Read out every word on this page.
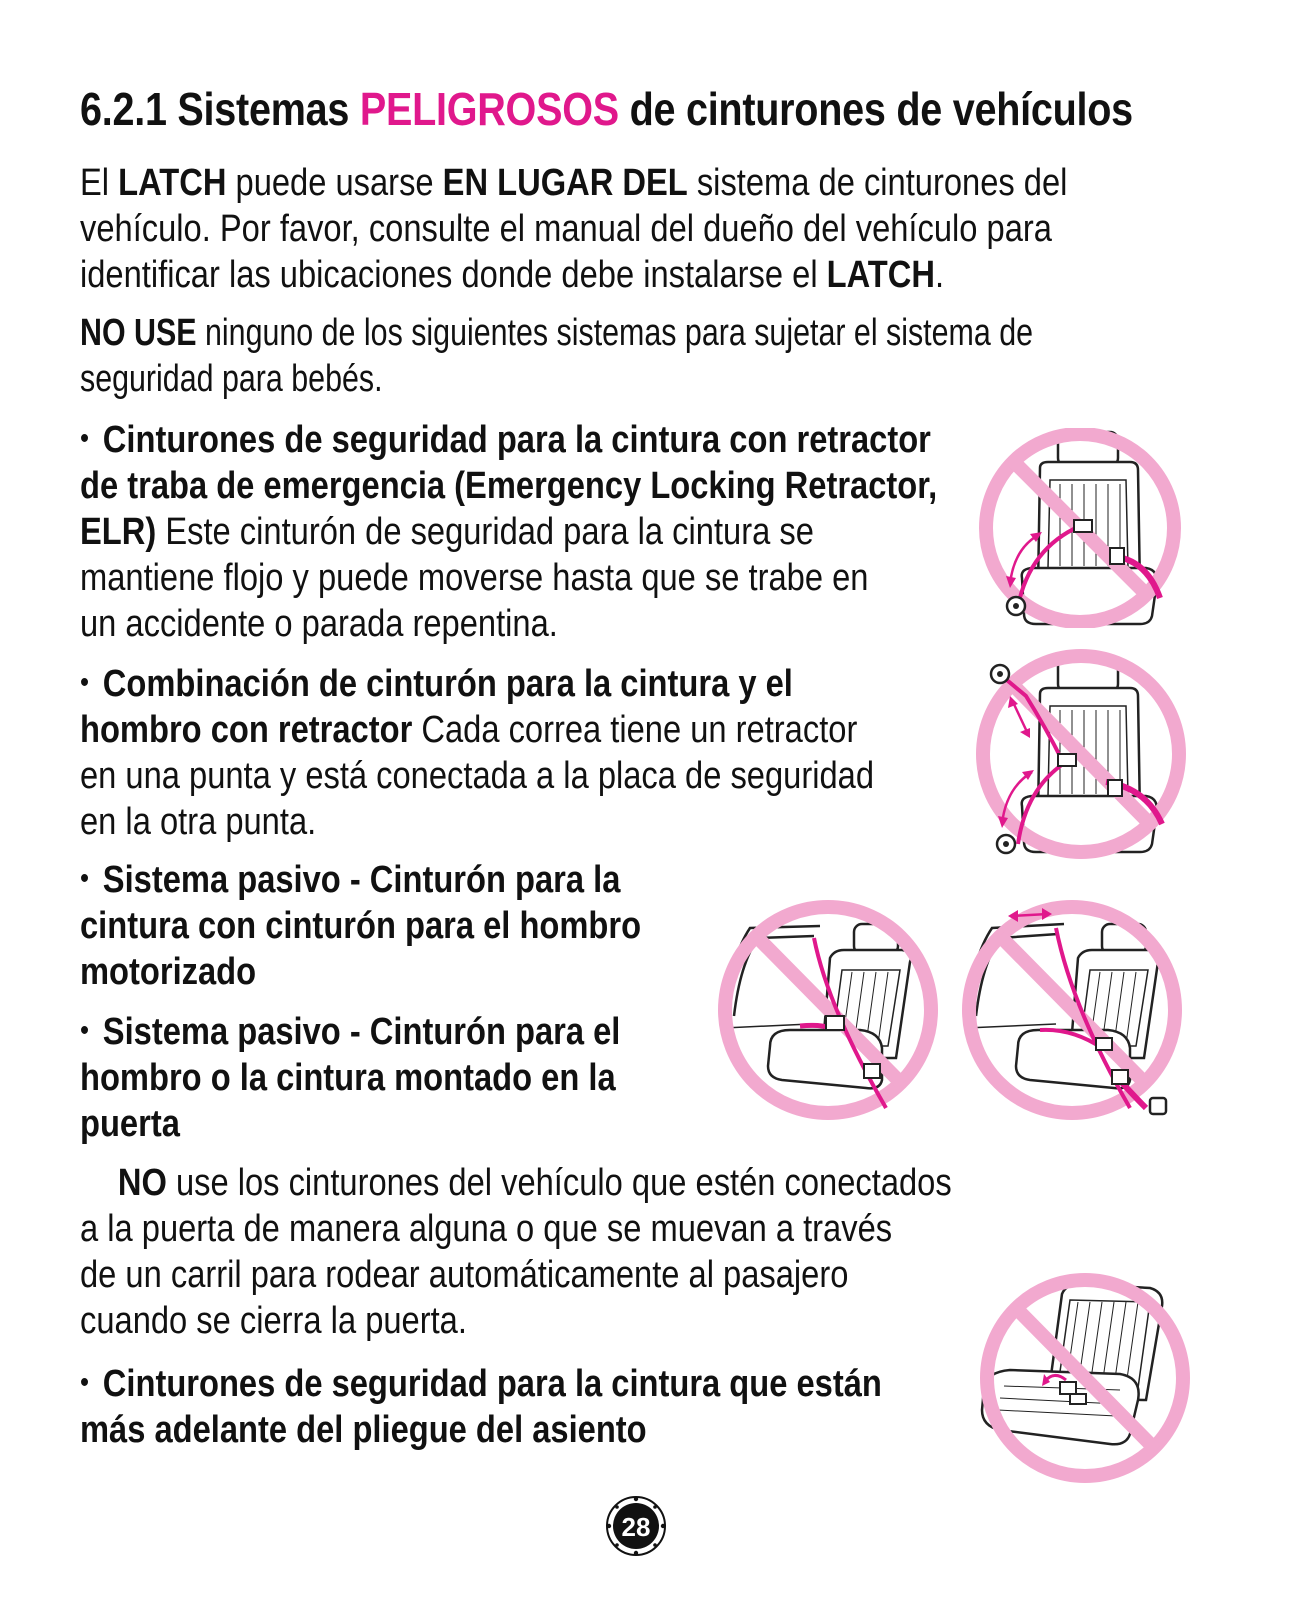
6.2.1 Sistemas PELIGROSOS de cinturones de vehículos
El LATCH puede usarse EN LUGAR DEL sistema de cinturones del
vehículo. Por favor, consulte el manual del dueño del vehículo para
identificar las ubicaciones donde debe instalarse el LATCH.
NO USE ninguno de los siguientes sistemas para sujetar el sistema de
seguridad para bebés.
• Cinturones de seguridad para la cintura con retractor
de traba de emergencia (Emergency Locking Retractor,
ELR) Este cinturón de seguridad para la cintura se
mantiene flojo y puede moverse hasta que se trabe en
un accidente o parada repentina.
• Combinación de cinturón para la cintura y el
hombro con retractor Cada correa tiene un retractor
en una punta y está conectada a la placa de seguridad
en la otra punta.
• Sistema pasivo - Cinturón para la
cintura con cinturón para el hombro
motorizado
• Sistema pasivo - Cinturón para el
hombro o la cintura montado en la
puerta
NO use los cinturones del vehículo que estén conectados
a la puerta de manera alguna o que se muevan a través
de un carril para rodear automáticamente al pasajero
cuando se cierra la puerta.
• Cinturones de seguridad para la cintura que están
más adelante del pliegue del asiento
28
